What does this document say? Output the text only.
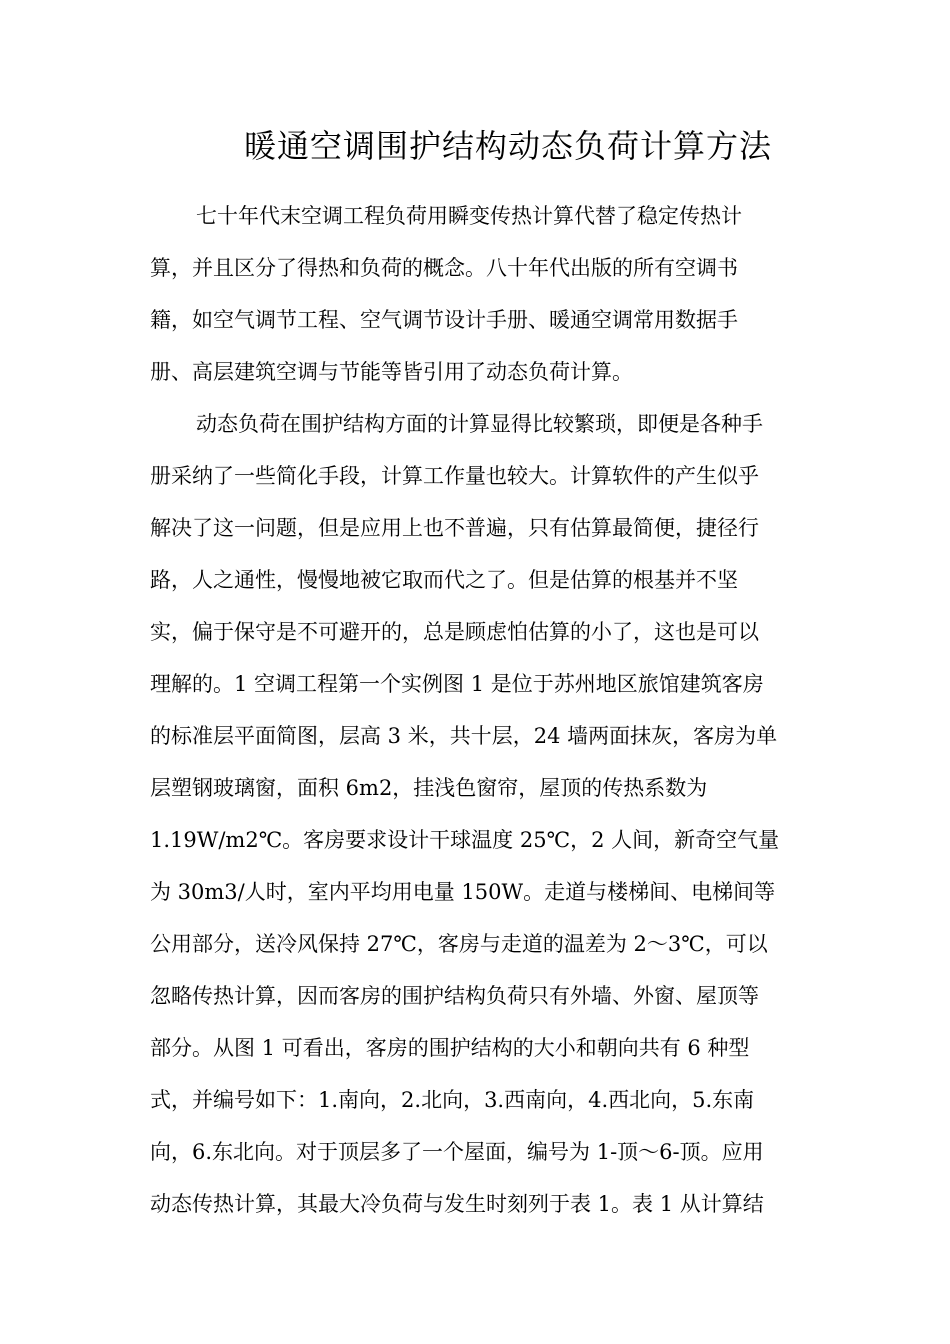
暖通空调围护结构动态负荷计算方法
七十年代末空调工程负荷用瞬变传热计算代替了稳定传热计
算，并且区分了得热和负荷的概念。八十年代出版的所有空调书
籍，如空气调节工程、空气调节设计手册、暖通空调常用数据手
册、高层建筑空调与节能等皆引用了动态负荷计算。
动态负荷在围护结构方面的计算显得比较繁琐，即便是各种手
册采纳了一些简化手段，计算工作量也较大。计算软件的产生似乎
解决了这一问题，但是应用上也不普遍，只有估算最简便，捷径行
路，人之通性，慢慢地被它取而代之了。但是估算的根基并不坚
实，偏于保守是不可避开的，总是顾虑怕估算的小了，这也是可以
理解的。1 空调工程第一个实例图 1 是位于苏州地区旅馆建筑客房
的标准层平面简图，层高 3 米，共十层，24 墙两面抹灰，客房为单
层塑钢玻璃窗，面积 6m2，挂浅色窗帘，屋顶的传热系数为
1.19W/m2℃。客房要求设计干球温度 25℃，2 人间，新奇空气量
为 30m3/人时，室内平均用电量 150W。走道与楼梯间、电梯间等
公用部分，送冷风保持 27℃，客房与走道的温差为 2～3℃，可以
忽略传热计算，因而客房的围护结构负荷只有外墙、外窗、屋顶等
部分。从图 1 可看出，客房的围护结构的大小和朝向共有 6 种型
式，并编号如下：1.南向，2.北向，3.西南向，4.西北向，5.东南
向，6.东北向。对于顶层多了一个屋面，编号为 1-顶～6-顶。应用
动态传热计算，其最大冷负荷与发生时刻列于表 1。表 1 从计算结
